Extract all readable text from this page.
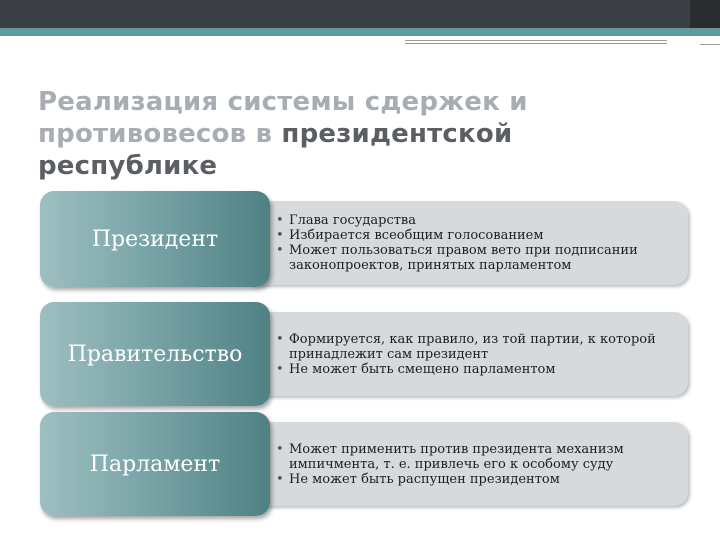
Реализация системы сдержек и
противовесов в президентской республике
• Глава государства
• Избирается всеобщим голосованием
• Может пользоваться правом вето при подписании законопроектов, принятых парламентом
Президент
• Формируется, как правило, из той партии, к которой принадлежит сам президент
• Не может быть смещено парламентом
Правительство
• Может применить против президента механизм импичмента, т. е. привлечь его к особому суду
• Не может быть распущен президентом
Парламент
